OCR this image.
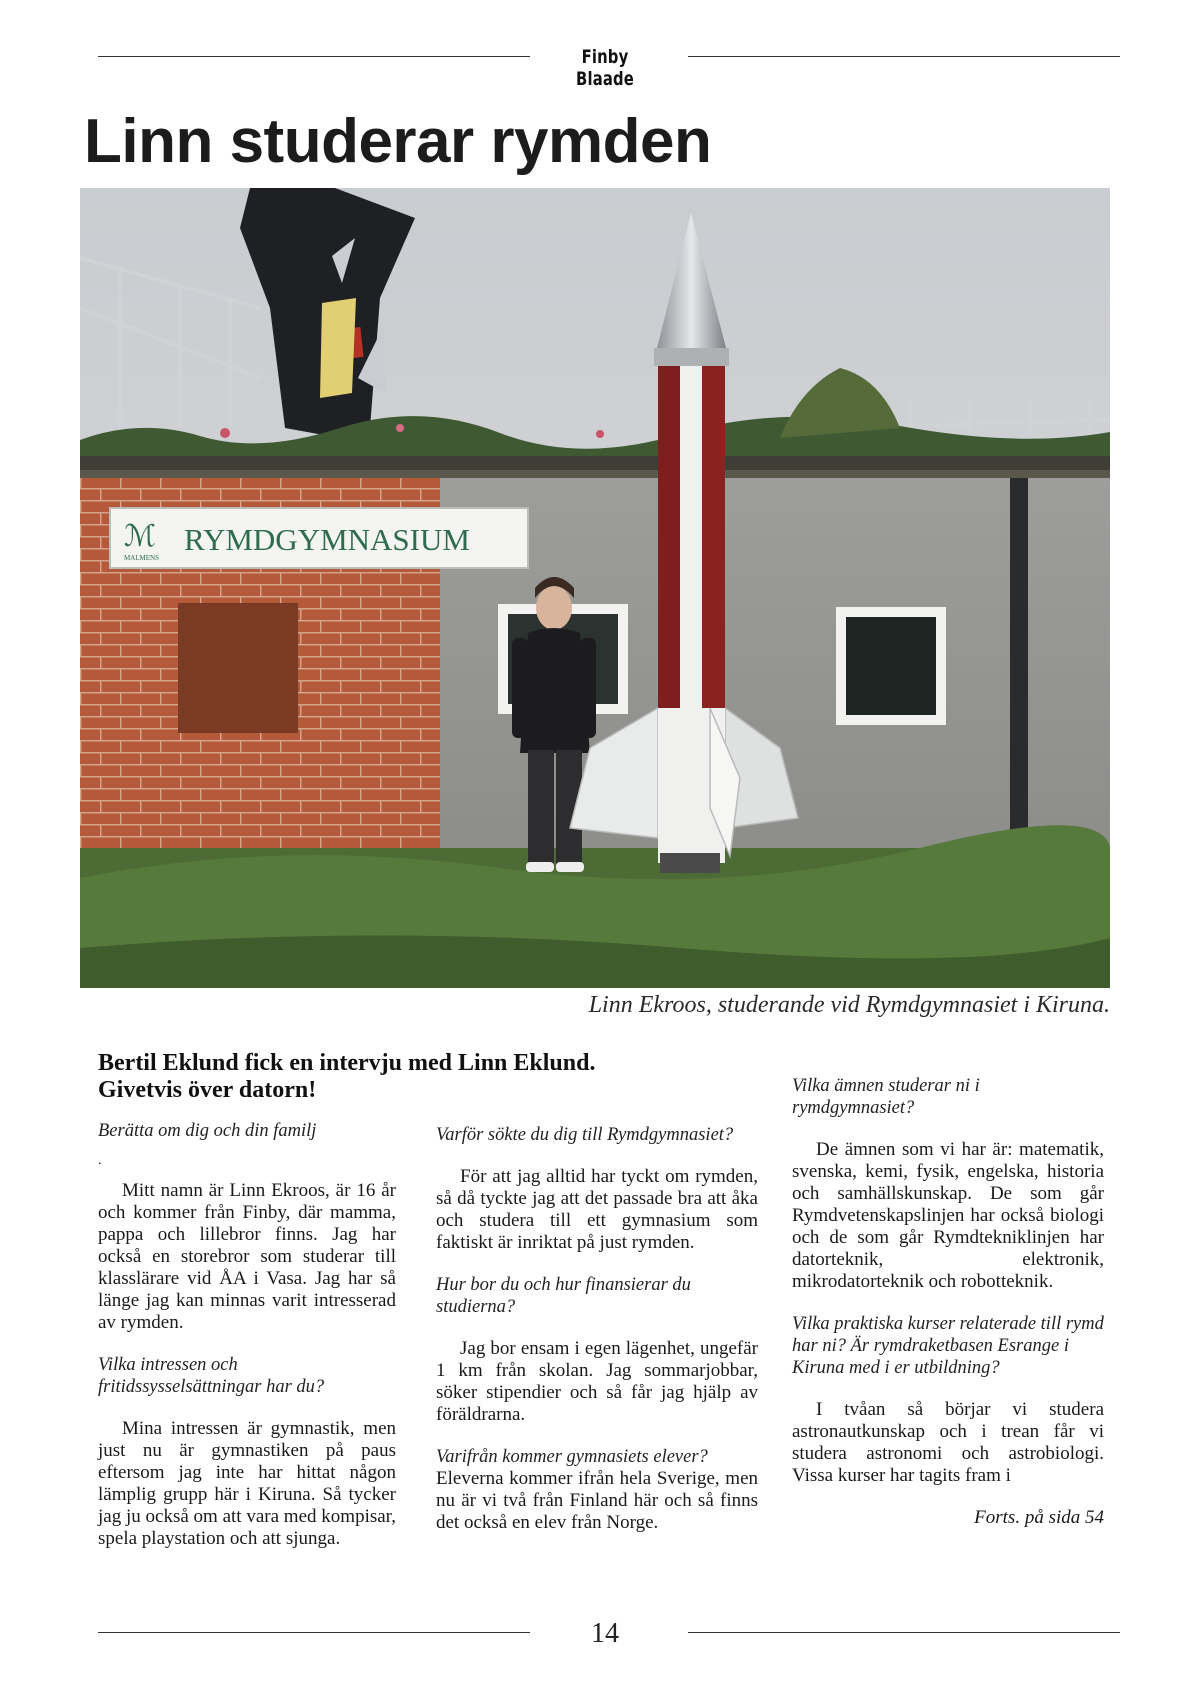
Finby Blaade
Linn studerar rymden
ℳ
MALMENS
RYMDGYMNASIUM
Linn Ekroos, studerande vid Rymdgymnasiet i Kiruna.

Bertil Eklund fick en intervju med Linn Eklund. Givetvis över datorn!

Berätta om dig och din familj

.

Mitt namn är Linn Ekroos, är 16 år och kommer från Finby, där mamma, pappa och lillebror finns. Jag har också en storebror som studerar till klasslärare vid ÅA i Vasa. Jag har så länge jag kan minnas varit intresserad av rymden.

Vilka intressen och fritidssysselsättningar har du?

Mina intressen är gymnastik, men just nu är gymnastiken på paus eftersom jag inte har hittat någon lämplig grupp här i Kiruna. Så tycker jag ju också om att vara med kompisar, spela playstation och att sjunga.

Varför sökte du dig till Rymdgymnasiet?

För att jag alltid har tyckt om rymden, så då tyckte jag att det passade bra att åka och studera till ett gymnasium som faktiskt är inriktat på just rymden.

Hur bor du och hur finansierar du studierna?

Jag bor ensam i egen lägenhet, ungefär 1 km från skolan. Jag sommarjobbar, söker stipendier och så får jag hjälp av föräldrarna.

Varifrån kommer gymnasiets elever?

Eleverna kommer ifrån hela Sverige, men nu är vi två från Finland här och så finns det också en elev från Norge.

Vilka ämnen studerar ni i rymdgymnasiet?

De ämnen som vi har är: matematik, svenska, kemi, fysik, engelska, historia och samhällskunskap. De som går Rymdvetenskapslinjen har också biologi och de som går Rymdtekniklinjen har datorteknik, elektronik, mikrodatorteknik och robotteknik.

Vilka praktiska kurser relaterade till rymd har ni? Är rymdraketbasen Esrange i Kiruna med i er utbildning?

I tvåan så börjar vi studera astronautkunskap och i trean får vi studera astronomi och astrobiologi. Vissa kurser har tagits fram i

Forts. på sida 54

14
